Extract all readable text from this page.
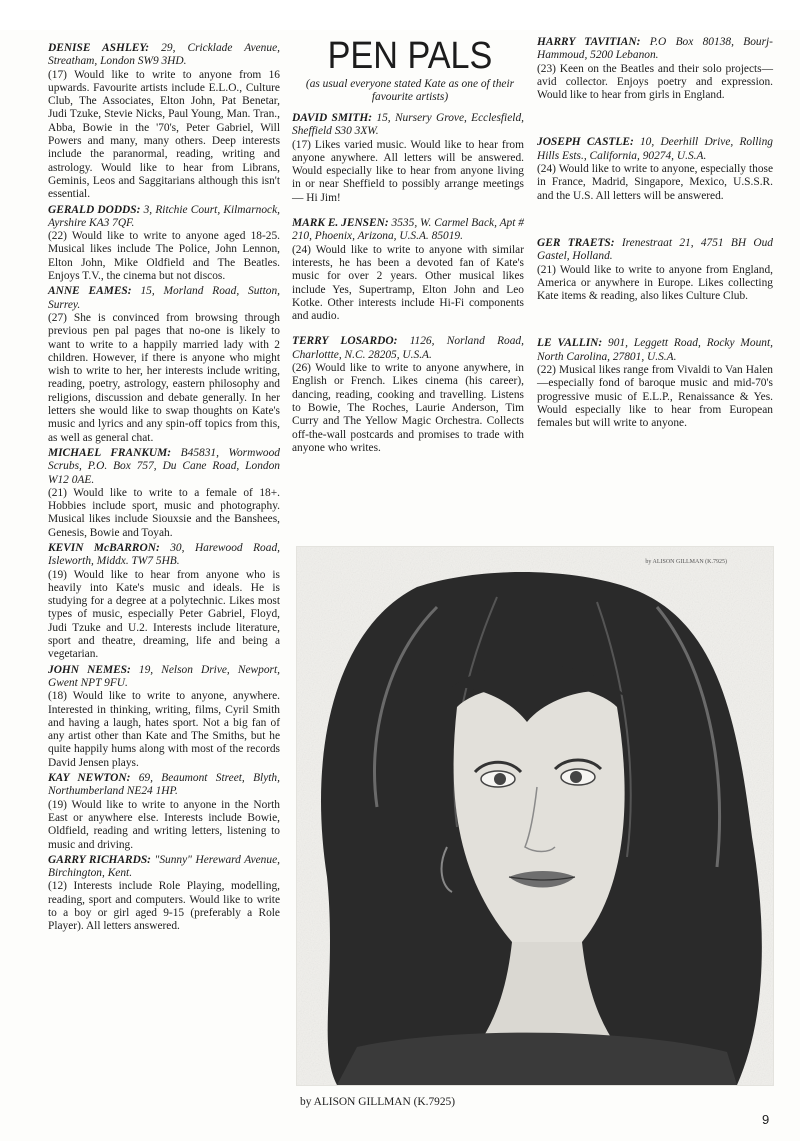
DENISE ASHLEY: 29, Cricklade Avenue, Streatham, London SW9 3HD.

(17) Would like to write to anyone from 16 upwards. Favourite artists include E.L.O., Culture Club, The Associates, Elton John, Pat Benetar, Judi Tzuke, Stevie Nicks, Paul Young, Man. Tran., Abba, Bowie in the '70's, Peter Gabriel, Will Powers and many, many others. Deep interests include the paranormal, reading, writing and astrology. Would like to hear from Librans, Geminis, Leos and Saggitarians although this isn't essential.

GERALD DODDS: 3, Ritchie Court, Kilmarnock, Ayrshire KA3 7QF.

(22) Would like to write to anyone aged 18-25. Musical likes include The Police, John Lennon, Elton John, Mike Oldfield and The Beatles. Enjoys T.V., the cinema but not discos.

ANNE EAMES: 15, Morland Road, Sutton, Surrey.

(27) She is convinced from browsing through previous pen pal pages that no-one is likely to want to write to a happily married lady with 2 children. However, if there is anyone who might wish to write to her, her interests include writing, reading, poetry, astrology, eastern philosophy and religions, discussion and debate generally. In her letters she would like to swap thoughts on Kate's music and lyrics and any spin-off topics from this, as well as general chat.

MICHAEL FRANKUM: B45831, Wormwood Scrubs, P.O. Box 757, Du Cane Road, London W12 0AE.

(21) Would like to write to a female of 18+. Hobbies include sport, music and photography. Musical likes include Siouxsie and the Banshees, Genesis, Bowie and Toyah.

KEVIN McBARRON: 30, Harewood Road, Isleworth, Middx. TW7 5HB.

(19) Would like to hear from anyone who is heavily into Kate's music and ideals. He is studying for a degree at a polytechnic. Likes most types of music, especially Peter Gabriel, Floyd, Judi Tzuke and U.2. Interests include literature, sport and theatre, dreaming, life and being a vegetarian.

JOHN NEMES: 19, Nelson Drive, Newport, Gwent NPT 9FU.

(18) Would like to write to anyone, anywhere. Interested in thinking, writing, films, Cyril Smith and having a laugh, hates sport. Not a big fan of any artist other than Kate and The Smiths, but he quite happily hums along with most of the records David Jensen plays.

KAY NEWTON: 69, Beaumont Street, Blyth, Northumberland NE24 1HP.

(19) Would like to write to anyone in the North East or anywhere else. Interests include Bowie, Oldfield, reading and writing letters, listening to music and driving.

GARRY RICHARDS: "Sunny" Hereward Avenue, Birchington, Kent.

(12) Interests include Role Playing, modelling, reading, sport and computers. Would like to write to a boy or girl aged 9-15 (preferably a Role Player). All letters answered.

PEN PALS

(as usual everyone stated Kate as one of their favourite artists)

DAVID SMITH: 15, Nursery Grove, Ecclesfield, Sheffield S30 3XW.

(17) Likes varied music. Would like to hear from anyone anywhere. All letters will be answered. Would especially like to hear from anyone living in or near Sheffield to possibly arrange meetings — Hi Jim!

MARK E. JENSEN: 3535, W. Carmel Back, Apt # 210, Phoenix, Arizona, U.S.A. 85019.

(24) Would like to write to anyone with similar interests, he has been a devoted fan of Kate's music for over 2 years. Other musical likes include Yes, Supertramp, Elton John and Leo Kotke. Other interests include Hi-Fi components and audio.

TERRY LOSARDO: 1126, Norland Road, Charlottte, N.C. 28205, U.S.A.

(26) Would like to write to anyone anywhere, in English or French. Likes cinema (his career), dancing, reading, cooking and travelling. Listens to Bowie, The Roches, Laurie Anderson, Tim Curry and The Yellow Magic Orchestra. Collects off-the-wall postcards and promises to trade with anyone who writes.

HARRY TAVITIAN: P.O Box 80138, Bourj-Hammoud, 5200 Lebanon.

(23) Keen on the Beatles and their solo projects—avid collector. Enjoys poetry and expression. Would like to hear from girls in England.

JOSEPH CASTLE: 10, Deerhill Drive, Rolling Hills Ests., California, 90274, U.S.A.

(24) Would like to write to anyone, especially those in France, Madrid, Singapore, Mexico, U.S.S.R. and the U.S. All letters will be answered.

GER TRAETS: Irenestraat 21, 4751 BH Oud Gastel, Holland.

(21) Would like to write to anyone from England, America or anywhere in Europe. Likes collecting Kate items & reading, also likes Culture Club.

LE VALLIN: 901, Leggett Road, Rocky Mount, North Carolina, 27801, U.S.A.

(22) Musical likes range from Vivaldi to Van Halen—especially fond of baroque music and mid-70's progressive music of E.L.P., Renaissance & Yes. Would especially like to hear from European females but will write to anyone.

by ALISON GILLMAN (K.7925)
by ALISON GILLMAN (K.7925)
9
